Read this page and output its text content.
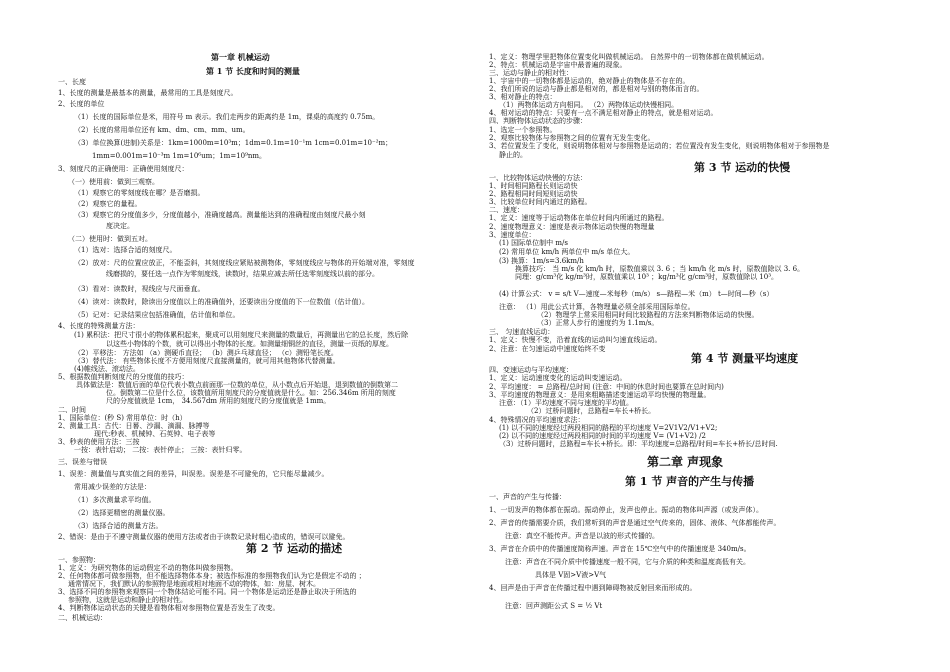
第一章 机械运动
第 1 节 长度和时间的测量
一、长度
1、长度的测量是最基本的测量，最常用的工具是刻度尺。
2、长度的单位
（1）长度的国际单位是米，用符号 m 表示。我们走两步的距离约是 1m，课桌的高度约 0.75m。
（2）长度的常用单位还有 km、dm、cm、mm、um。
（3）单位换算(进制)关系是：1km=1000m=10³m；1dm=0.1m=10⁻¹m 1cm=0.01m=10⁻²m；
1mm=0.001m=10⁻³m 1m=10⁶um；1m=10⁹nm。
3、刻度尺的正确使用：正确使用刻度尺：
（一）使用前：做到三观察。
（1）观察它的零刻度线在哪？是否磨损。
（2）观察它的量程。
（3）观察它的分度值多少，分度值越小，准确度越高。测量能达到的准确程度由刻度尺最小刻
度决定。
（二）使用时：做到五对。
（1）选对：选择合适的刻度尺。
（2）放对：尺的位置应放正，不能歪斜，其刻度线应紧贴被测物体，零刻度线应与物体的开始端对准，零刻度
线磨损的，要任选一点作为零刻度线，读数时，结果应减去所任选零刻度线以前的部分。
（3）看对：读数时，视线应与尺面垂直。
（4）读对：读数时，除读出分度值以上的准确值外，还要读出分度值的下一位数值（估计值）。
（5）记对：记录结果应包括准确值，估计值和单位。
4、长度的特殊测量方法：
(1) 累积法：把尺寸很小的物体累积起来，聚成可以用刻度尺来测量的数量后，再测量出它的总长度，然后除
以这些小物体的个数，就可以得出小物体的长度。如测量细铜丝的直径，测量一页纸的厚度。
（2）平移法： 方法如 （a）测硬币直径； （b）测乒乓球直径； （c）测铅笔长度。
（3）替代法： 有些物体长度不方便用刻度尺直接测量的，就可用其他物体代替测量。
(4)帷线法、滚动法。
5、根据数值判断刻度尺的分度值的技巧：
具体做法是：数值后面的单位代表小数点前面那一位数的单位，从小数点后开始退，退到数值的倒数第二
位。倒数第二位是什么位，该数值所用刻度尺的分度值就是什么。如：256.346m 所用的刻度
尺的分度值就是 1cm， 34.567dm 所用的刻度尺的分度值就是 1mm。
二、时间
1、国际单位：(秒 S) 常用单位：时（h）
2、测量工具：古代：日晷、沙漏、滴漏、脉搏等
现代:秒表、机械钟、石英钟、电子表等
3、秒表的使用方法：三按
一按：表针启动； 二按：表针停止； 三按：表针归零。
三、误差与错误
1、误差：测量值与真实值之间的差异，叫误差。误差是不可避免的，它只能尽量减少。
常用减少误差的方法是：
（1）多次测量求平均值。
（2）选择更精密的测量仪器。
（3）选择合适的测量方法。
2、错误：是由于不遵守测量仪器的使用方法或者由于读数记录时粗心造成的，错误可以避免。
第 2 节 运动的描述
一、参照物：
1、定义：为研究物体的运动假定不动的物体叫做参照物。
2、任何物体都可做参照物，但不能选择物体本身；被选作标准的参照物我们认为它是假定不动的 ；
通常情况下，我们默认的参照物是地面或相对地面不动的物体，如：房屋、树木。
3、选择不同的参照物来观察同一个物体结论可能不同。同一个物体是运动还是静止取决于所选的
参照物，这就是运动和静止的相对性。
4、判断物体运动状态的关键是看物体相对参照物位置是否发生了改变。
二、机械运动：
1、定义：物理学里把物体位置变化叫做机械运动。 自然界中的一切物体都在做机械运动。
2、特点：机械运动是宇宙中最普遍的现象。
三、运动与静止的相对性：
1、宇宙中的一切物体都是运动的，绝对静止的物体是不存在的。
2、我们所说的运动与静止都是相对的，都是相对与别的物体而言的。
3、相对静止的特点：
（1）两物体运动方向相同。 （2）两物体运动快慢相同。
4、相对运动的特点：只要有一点不满足相对静止的特点，就是相对运动。
四、判断物体运动状态的步骤：
1、选定一个参照物。
2、观察比较物体与参照物之间的位置有无发生变化。
3、若位置发生了变化，则说明物体相对与参照物是运动的；若位置没有发生变化，则说明物体相对于参照物是
静止的。
第 3 节 运动的快慢
一、比较物体运动快慢的方法：
1、时间相同路程长则运动快
2、路程相同时间短则运动快
3、比较单位时间内通过的路程。
二、速度：
1、定义：速度等于运动物体在单位时间内所通过的路程。
2、速度物理意义：速度是表示物体运动快慢的物理量
3、速度单位：
(1) 国际单位制中 m/s
(2) 常用单位 km/h 两单位中 m/s 单位大。
(3) 换算：1m/s=3.6km/h
换算技巧： 当 m/s 化 km/h 时，原数值乘以 3. 6 ；当 km/h 化 m/s 时，原数值除以 3. 6。
同理：g/cm³化 kg/m³时，原数值乘以 10³ ；kg/m³化 g/cm³时，原数值除以 10³。
(4) 计算公式： v = s/t V—速度—米每秒（m/s） s—路程—米（m） t—时间—秒（s）
注意： （1）用此公式计算，各物理量必须全部采用国际单位。
（2）物理学上常采用相同时间比较路程的方法来判断物体运动的快慢。
（3）正常人步行的速度约为 1.1m/s。
三、 匀速直线运动：
1、定义：快慢不变，沿着直线的运动叫匀速直线运动。
2、注意：在匀速运动中速度始终不变
第 4 节 测量平均速度
四、变速运动与平均速度：
1、定义：运动速度变化的运动叫变速运动。
2、平均速度： = 总路程/总时间 (注意：中间的休息时间也要算在总时间内)
3、平均速度的物理意义：是用来粗略描述变速运动平均快慢的物理量。
注意：（1）平均速度不同与速度的平均值。
（2）过桥问题时，总路程=车长+桥长。
4、特殊情况的平均速度求法：
(1) 以不同的速度经过两段相同的路程的平均速度 V=2V1V2/V1+V2;
(2) 以不同的速度经过两段相同的时间的平均速度 V= (V1+V2) /2
（3）过桥问题时，总路程=车长+桥长。即：平均速度=总路程/时间=车长+桥长/总时间.
第二章 声现象
第 1 节 声音的产生与传播
一、声音的产生与传播：
1、一切发声的物体都在振动。振动停止，发声也停止。振动的物体叫声源（或发声体）。
2、声音的传播需要介质，我们常听到的声音是通过空气传来的，固体、液体、气体都能传声。
注意：真空不能传声。声音是以波的形式传播的。
3、声音在介质中的传播速度简称声速。声音在 15℃空气中的传播速度是 340m/s。
注意：声音在不同介质中传播速度一般不同，它与介质的种类和温度高低有关。
具体是 V固>V液>V气
4、回声是由于声音在传播过程中遇到障碍物被反射回来而形成的。
注意：回声测距公式 S = ½ Vt
